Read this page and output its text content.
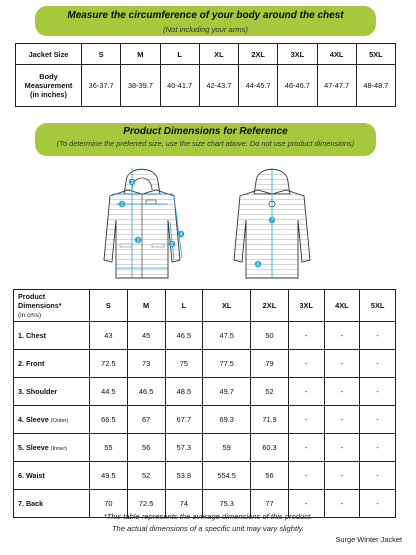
Measure the circumference of your body around the chest
(Not including your arms)
Jacket Size	S	M	L	XL	2XL	3XL	4XL	5XL

Body
Measurement
(in inches)	36-37.7	38-39.7	40-41.7	42-43.7	44-45.7	46-46.7	47-47.7	48-48.7
Product Dimensions for Reference
(To determine the preferred size, use the size chart above. Do not use product dimensions)
1
2
3
4
5
6
7
Product Dimensions*
(in cms)	S	M	L	XL	2XL	3XL	4XL	5XL
1. Chest	43	45	46.5	47.5	50	-	-	-
2. Front	72.5	73	75	77.5	79	-	-	-
3. Shoulder	44.5	46.5	48.5	49.7	52	-	-	-
4. Sleeve (Outer)	66.5	67	67.7	69.3	71.9	-	-	-
5. Sleeve (Inner)	55	56	57.3	59	60.3	-	-	-
6. Waist	49.5	52	53.8	554.5	56	-	-	-
7. Back	70	72.5	74	75.3	77	-	-	-
*This table represents the average dimensions of this product.
The actual dimensions of a specific unit may vary slightly.
Surge Winter Jacket
